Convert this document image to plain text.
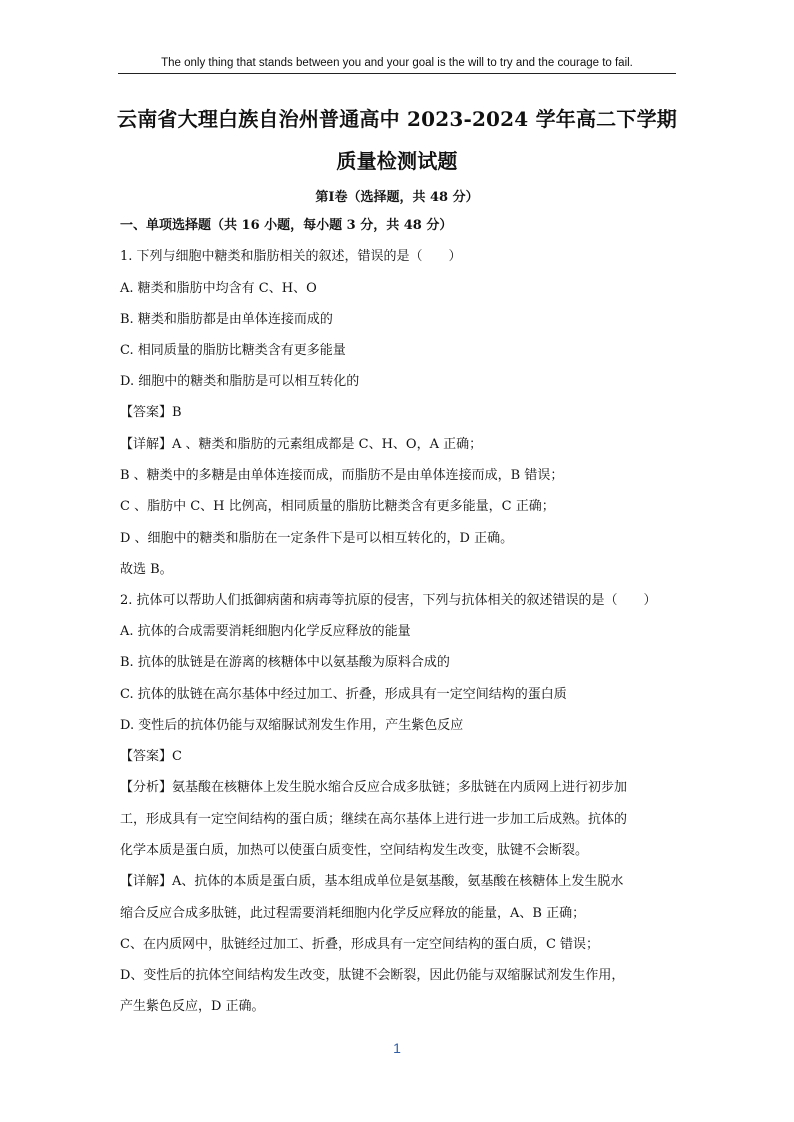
The only thing that stands between you and your goal is the will to try and the courage to fail.
云南省大理白族自治州普通高中 2023-2024 学年高二下学期
质量检测试题
第Ⅰ卷（选择题，共 48 分）
一、单项选择题（共 16 小题，每小题 3 分，共 48 分）
1. 下列与细胞中糖类和脂肪相关的叙述，错误的是（　　）
A. 糖类和脂肪中均含有 C、H、O
B. 糖类和脂肪都是由单体连接而成的
C. 相同质量的脂肪比糖类含有更多能量
D. 细胞中的糖类和脂肪是可以相互转化的
【答案】B
【详解】A 、糖类和脂肪的元素组成都是 C、H、O，A 正确；
B 、糖类中的多糖是由单体连接而成，而脂肪不是由单体连接而成，B 错误；
C 、脂肪中 C、H 比例高，相同质量的脂肪比糖类含有更多能量，C 正确；
D 、细胞中的糖类和脂肪在一定条件下是可以相互转化的，D 正确。
故选 B。
2. 抗体可以帮助人们抵御病菌和病毒等抗原的侵害，下列与抗体相关的叙述错误的是（　　）
A. 抗体的合成需要消耗细胞内化学反应释放的能量
B. 抗体的肽链是在游离的核糖体中以氨基酸为原料合成的
C. 抗体的肽链在高尔基体中经过加工、折叠，形成具有一定空间结构的蛋白质
D. 变性后的抗体仍能与双缩脲试剂发生作用，产生紫色反应
【答案】C
【分析】氨基酸在核糖体上发生脱水缩合反应合成多肽链；多肽链在内质网上进行初步加
工，形成具有一定空间结构的蛋白质；继续在高尔基体上进行进一步加工后成熟。抗体的
化学本质是蛋白质，加热可以使蛋白质变性，空间结构发生改变，肽键不会断裂。
【详解】A、抗体的本质是蛋白质，基本组成单位是氨基酸，氨基酸在核糖体上发生脱水
缩合反应合成多肽链，此过程需要消耗细胞内化学反应释放的能量，A、B 正确；
C、在内质网中，肽链经过加工、折叠，形成具有一定空间结构的蛋白质，C 错误；
D、变性后的抗体空间结构发生改变，肽键不会断裂，因此仍能与双缩脲试剂发生作用，
产生紫色反应，D 正确。
1
